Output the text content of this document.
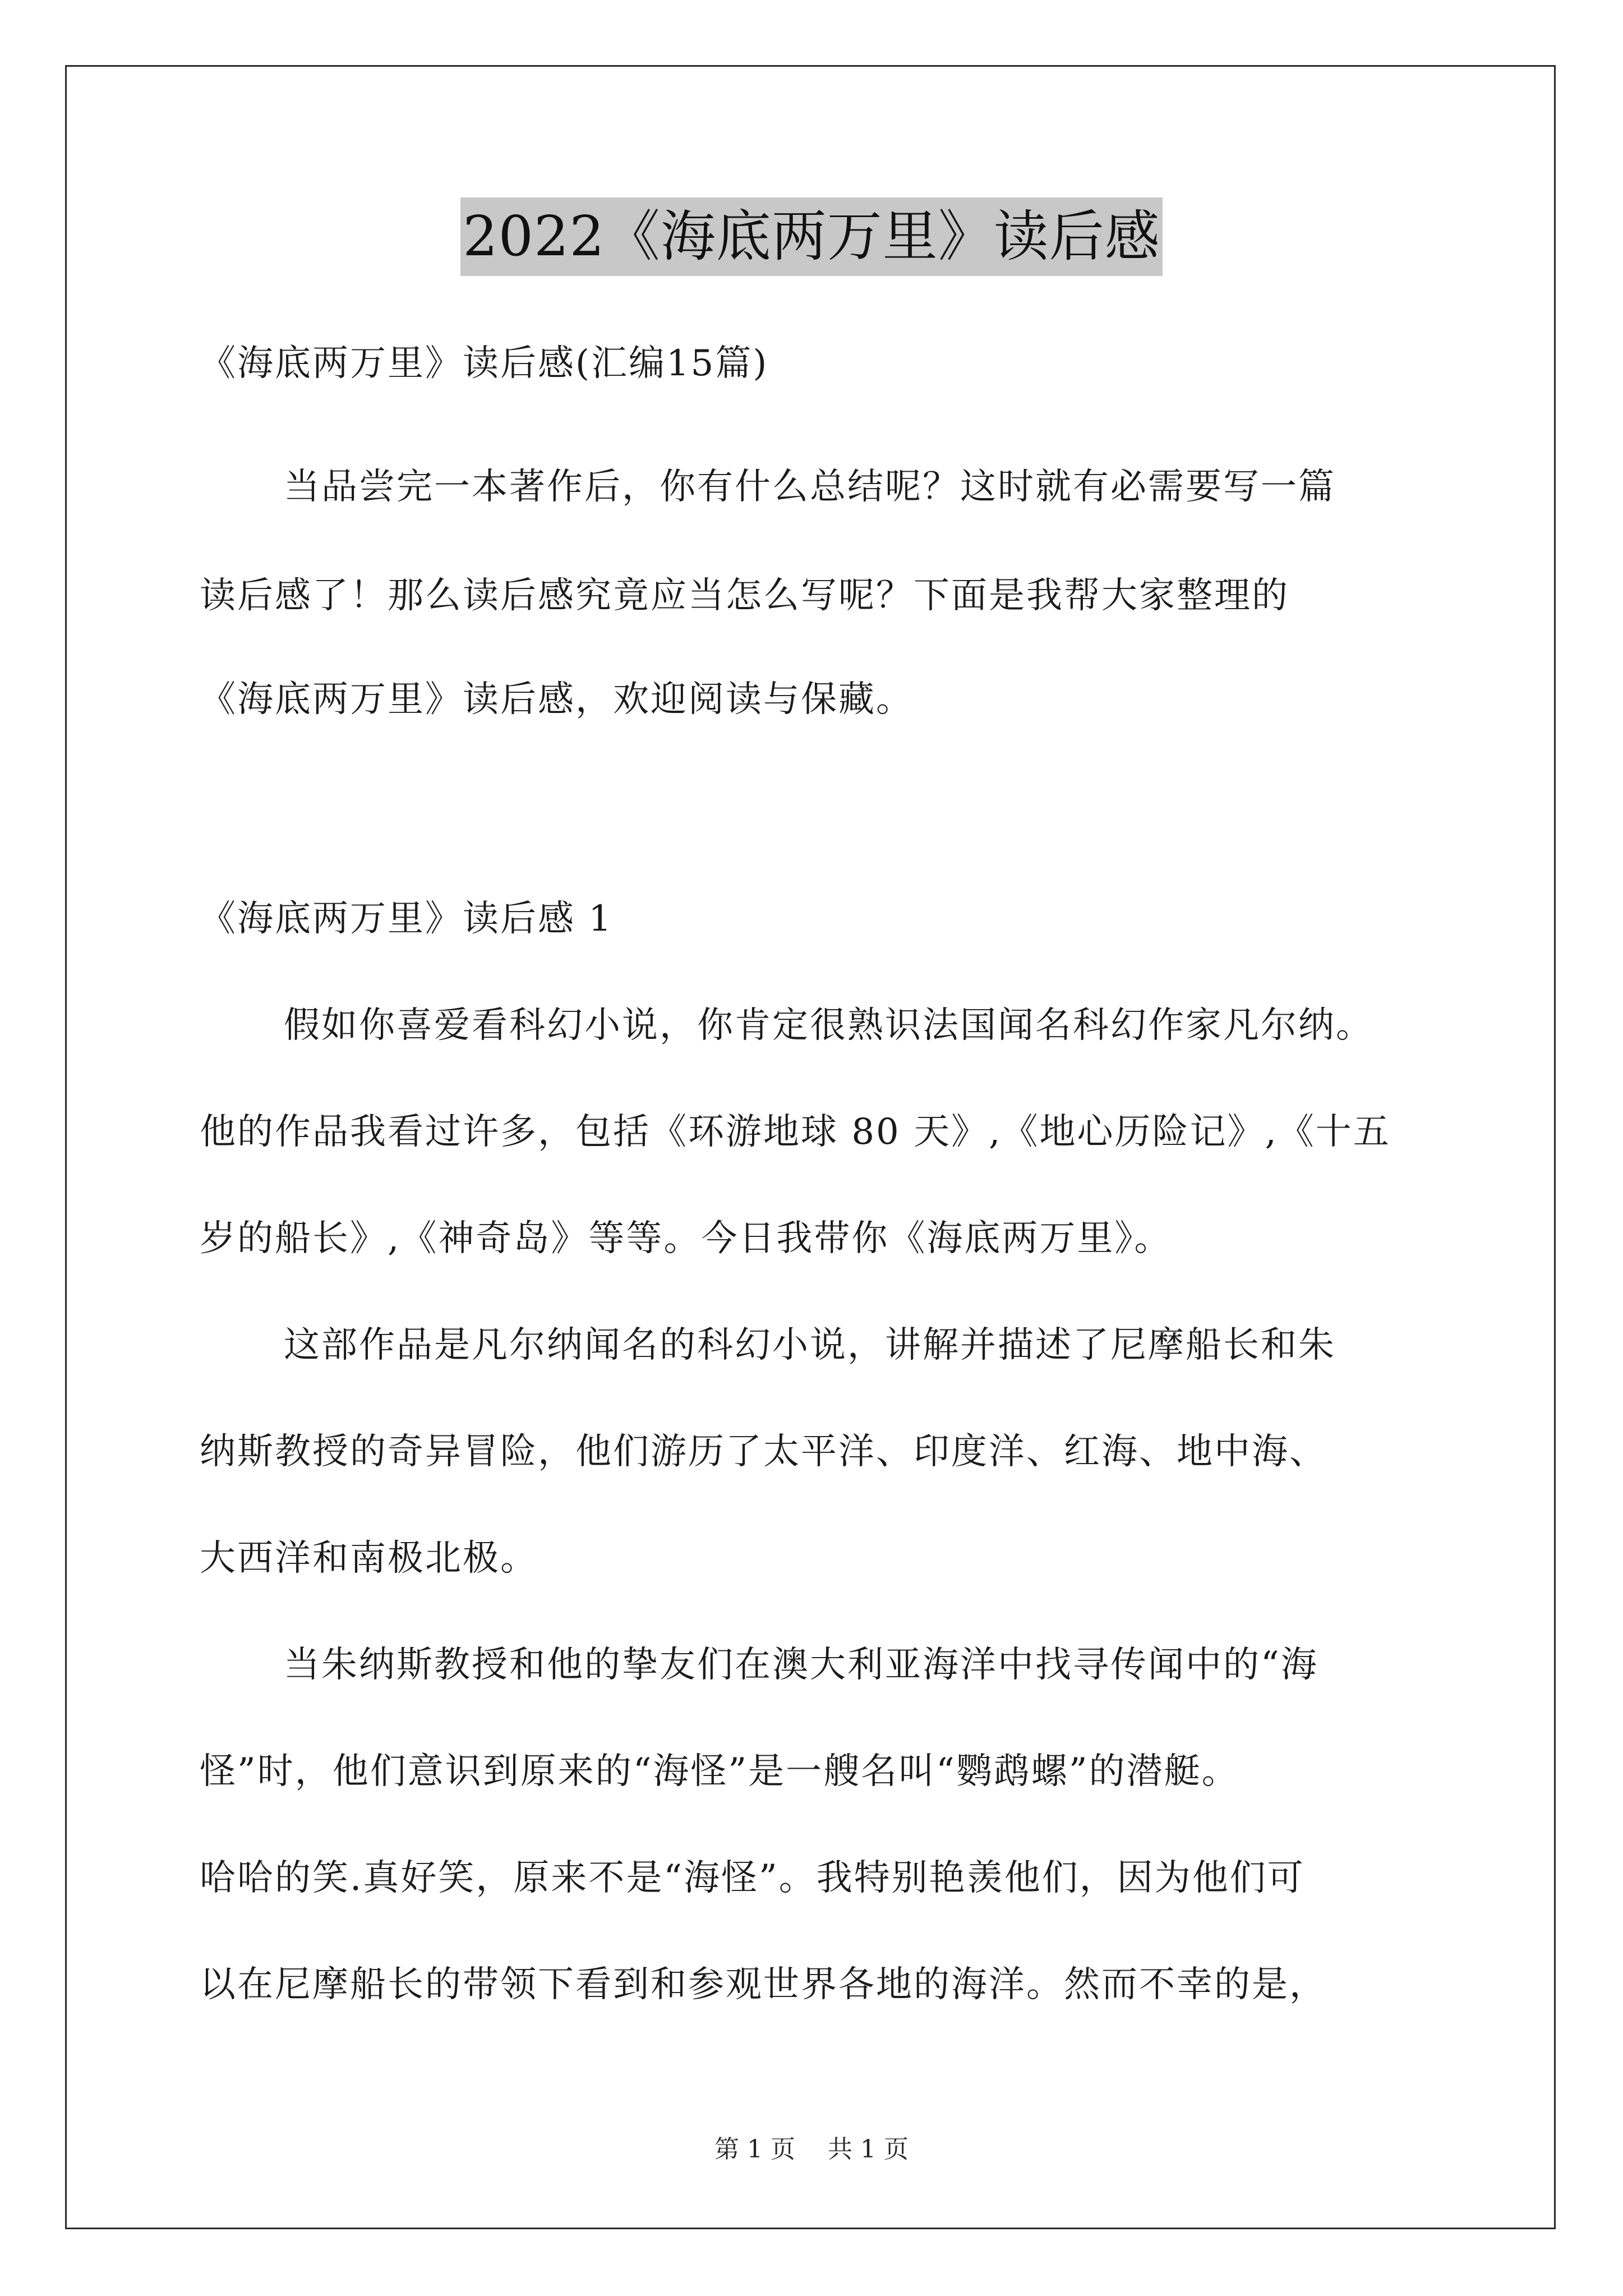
2022《海底两万里》读后感
《海底两万里》读后感(汇编15篇)
当品尝完一本著作后，你有什么总结呢？这时就有必需要写一篇
读后感了！那么读后感究竟应当怎么写呢？下面是我帮大家整理的
《海底两万里》读后感，欢迎阅读与保藏。
《海底两万里》读后感 1
假如你喜爱看科幻小说，你肯定很熟识法国闻名科幻作家凡尔纳。
他的作品我看过许多，包括《环游地球 80 天》,《地心历险记》,《十五
岁的船长》,《神奇岛》等等。今日我带你《海底两万里》。
这部作品是凡尔纳闻名的科幻小说，讲解并描述了尼摩船长和朱
纳斯教授的奇异冒险，他们游历了太平洋、印度洋、红海、地中海、
大西洋和南极北极。
当朱纳斯教授和他的挚友们在澳大利亚海洋中找寻传闻中的“海
怪”时，他们意识到原来的“海怪”是一艘名叫“鹦鹉螺”的潜艇。
哈哈的笑.真好笑，原来不是“海怪”。我特别艳羡他们，因为他们可
以在尼摩船长的带领下看到和参观世界各地的海洋。然而不幸的是，
第 1 页 共 1 页
